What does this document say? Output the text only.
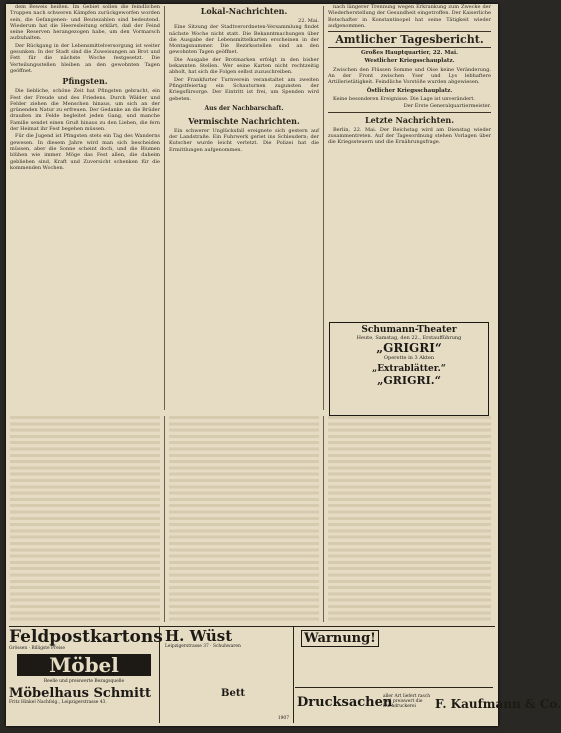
dem Beweis heißen. Im Gebiet sollen die feindlichen Truppen nach schweren Kämpfen zurückgeworfen worden sein, die Gefangenen- und Beutezahlen sind bedeutend. Wiederum hat die Heeresleitung erklärt, daß der Feind seine Reserven herangezogen habe, um den Vormarsch aufzuhalten.

Der Rückgang in der Lebensmittelversorgung ist weiter gesunken. In der Stadt sind die Zuweisungen an Brot und Fett für die nächste Woche festgesetzt. Die Verteilungsstellen bleiben an den gewohnten Tagen geöffnet.

Pfingsten.

Die liebliche, schöne Zeit hat Pfingsten gebracht, ein Fest der Freude und des Friedens. Durch Wälder und Felder ziehen die Menschen hinaus, um sich an der grünenden Natur zu erfreuen. Der Gedanke an die Brüder draußen im Felde begleitet jeden Gang, und manche Familie sendet einen Gruß hinaus zu den Lieben, die fern der Heimat ihr Fest begehen müssen.

Für die Jugend ist Pfingsten stets ein Tag des Wanderns gewesen. In diesem Jahre wird man sich bescheiden müssen, aber die Sonne scheint doch, und die Blumen blühen wie immer. Möge das Fest allen, die daheim geblieben sind, Kraft und Zuversicht schenken für die kommenden Wochen.

Lokal-Nachrichten.
22. Mai.

Eine Sitzung der Stadtverordneten-Versammlung findet nächste Woche nicht statt. Die Bekanntmachungen über die Ausgabe der Lebensmittelkarten erscheinen in der Montagsnummer. Die Bezirksstellen sind an den gewohnten Tagen geöffnet.

Die Ausgabe der Brotmarken erfolgt in den bisher bekannten Stellen. Wer seine Karten nicht rechtzeitig abholt, hat sich die Folgen selbst zuzuschreiben.

Der Frankfurter Turnverein veranstaltet am zweiten Pfingstfeiertag ein Schauturnen zugunsten der Kriegsfürsorge. Der Eintritt ist frei, um Spenden wird gebeten.

Aus der Nachbarschaft.
Vermischte Nachrichten.

Ein schwerer Unglücksfall ereignete sich gestern auf der Landstraße. Ein Fuhrwerk geriet ins Schleudern; der Kutscher wurde leicht verletzt. Die Polizei hat die Ermittlungen aufgenommen.

nach längerer Trennung wegen Erkrankung zum Zwecke der Wiederherstellung der Gesundheit eingetroffen. Der Kaiserliche Botschafter in Konstantinopel hat seine Tätigkeit wieder aufgenommen.

Amtlicher Tagesbericht.
Großes Hauptquartier, 22. Mai.
Westlicher Kriegsschauplatz.

Zwischen den Flüssen Somme und Oise keine Veränderung. An der Front zwischen Yser und Lys lebhaftere Artillerietätigkeit. Feindliche Vorstöße wurden abgewiesen.

Östlicher Kriegsschauplatz.

Keine besonderen Ereignisse. Die Lage ist unverändert.

Der Erste Generalquartiermeister.
Letzte Nachrichten.

Berlin, 22. Mai. Der Reichstag wird am Dienstag wieder zusammentreten. Auf der Tagesordnung stehen Vorlagen über die Kriegssteuern und die Ernährungsfrage.

Schumann-Theater
Heute, Samstag, den 22., Erstaufführung
„GRIGRI“
Operette in 3 Akten
„Extrablätter.“
„GRIGRI.“
Feldpostkartons
Grössen · Billigste Preise
Möbel
Reelle und preiswerte Bezugsquelle
Möbelhaus Schmitt
Fritz Hinkel Nachfolg., Leipzigerstrasse 43.
H. Wüst
Leipzigerstrasse 37 · Schuhwaren
Bett
1907
Warnung!
Drucksachen
aller Art liefert rasch und preiswert die Buchdruckerei	F. Kaufmann & Co.
